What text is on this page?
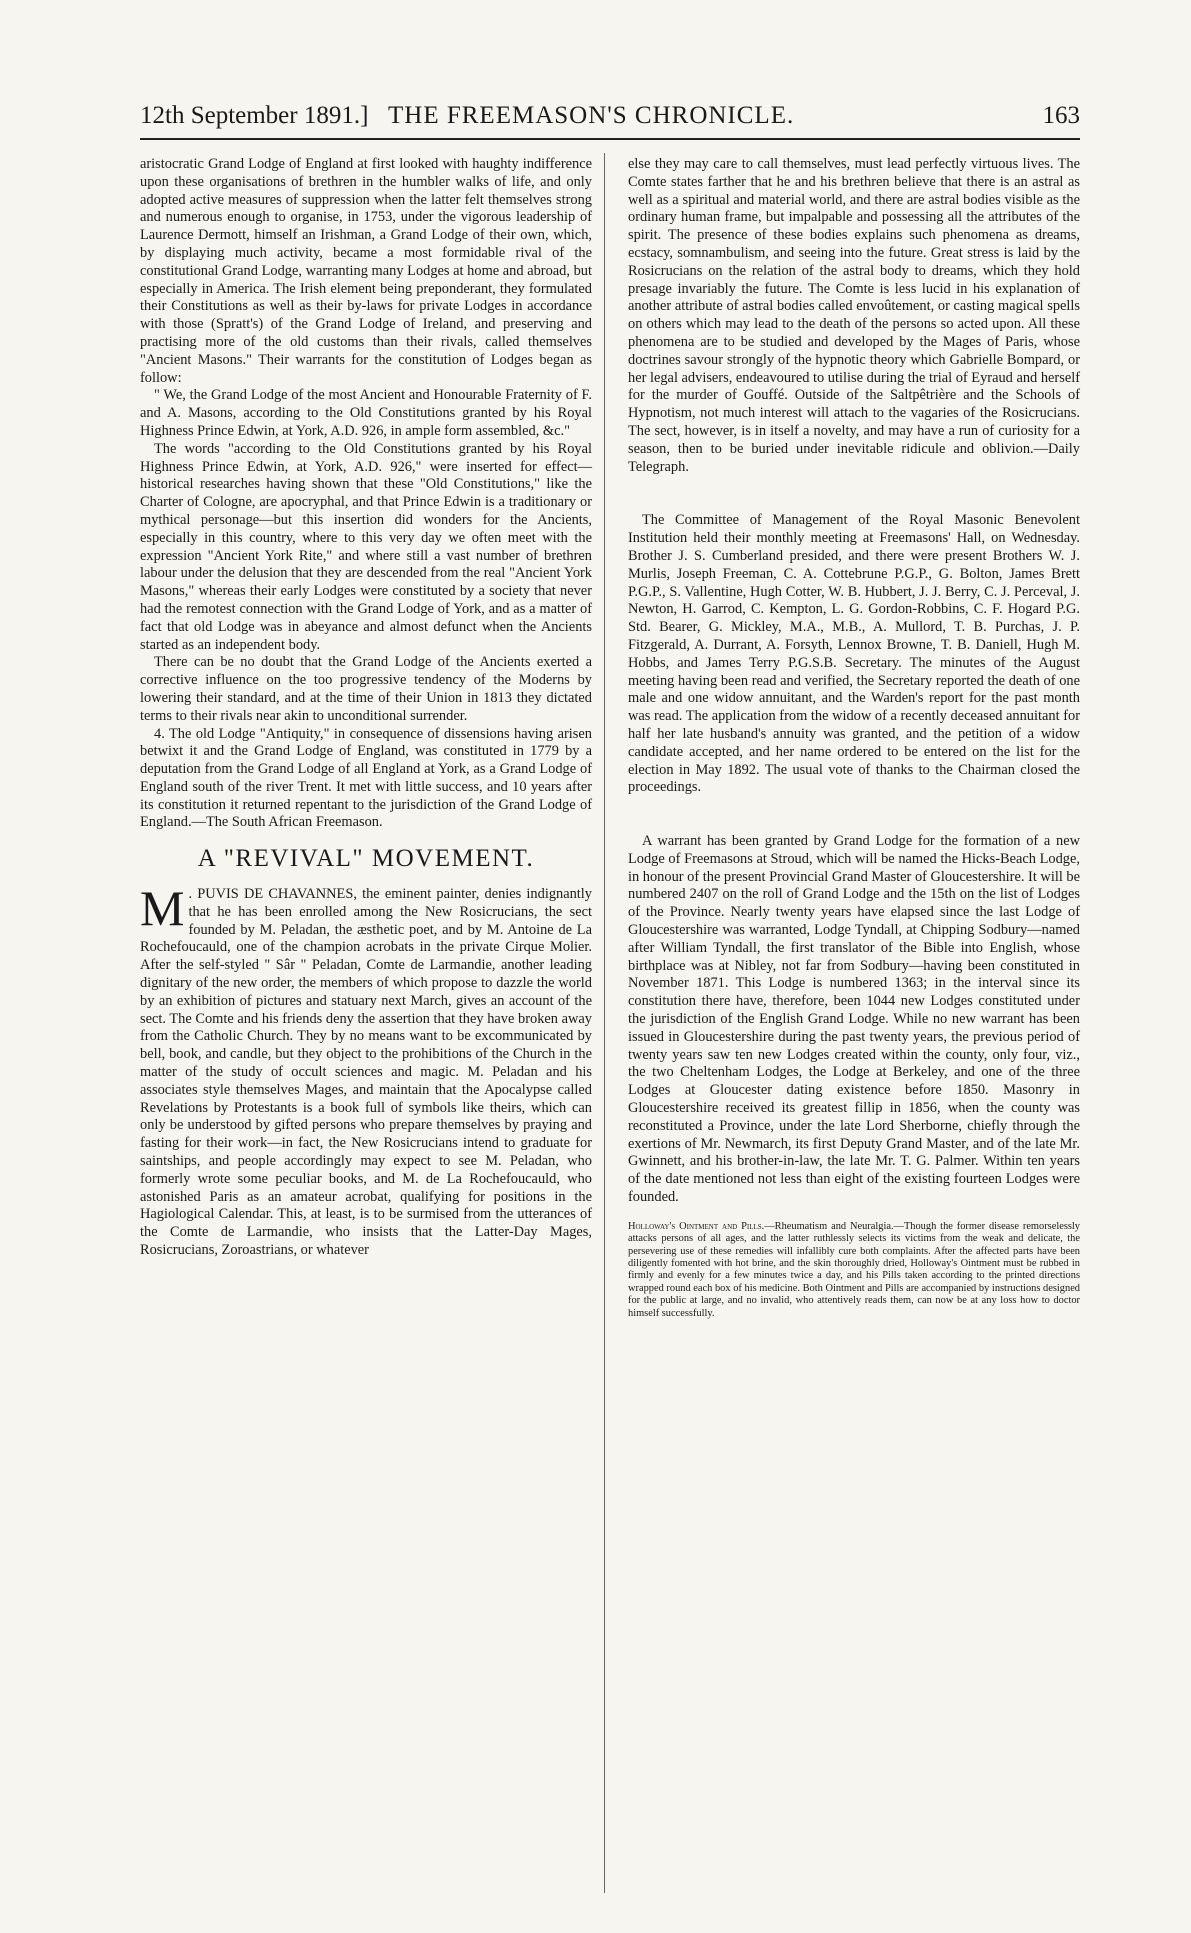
12th September 1891.] THE FREEMASON'S CHRONICLE.	163

aristocratic Grand Lodge of England at first looked with haughty indifference upon these organisations of brethren in the humbler walks of life, and only adopted active measures of suppression when the latter felt themselves strong and numerous enough to organise, in 1753, under the vigorous leadership of Laurence Dermott, himself an Irishman, a Grand Lodge of their own, which, by displaying much activity, became a most formidable rival of the constitutional Grand Lodge, warranting many Lodges at home and abroad, but especially in America. The Irish element being preponderant, they formulated their Constitutions as well as their by-laws for private Lodges in accordance with those (Spratt's) of the Grand Lodge of Ireland, and preserving and practising more of the old customs than their rivals, called themselves "Ancient Masons." Their warrants for the constitution of Lodges began as follow:

" We, the Grand Lodge of the most Ancient and Honourable Fraternity of F. and A. Masons, according to the Old Constitutions granted by his Royal Highness Prince Edwin, at York, A.D. 926, in ample form assembled, &c."

The words "according to the Old Constitutions granted by his Royal Highness Prince Edwin, at York, A.D. 926," were inserted for effect—historical researches having shown that these "Old Constitutions," like the Charter of Cologne, are apocryphal, and that Prince Edwin is a traditionary or mythical personage—but this insertion did wonders for the Ancients, especially in this country, where to this very day we often meet with the expression "Ancient York Rite," and where still a vast number of brethren labour under the delusion that they are descended from the real "Ancient York Masons," whereas their early Lodges were constituted by a society that never had the remotest connection with the Grand Lodge of York, and as a matter of fact that old Lodge was in abeyance and almost defunct when the Ancients started as an independent body.

There can be no doubt that the Grand Lodge of the Ancients exerted a corrective influence on the too progressive tendency of the Moderns by lowering their standard, and at the time of their Union in 1813 they dictated terms to their rivals near akin to unconditional surrender.

4. The old Lodge "Antiquity," in consequence of dissensions having arisen betwixt it and the Grand Lodge of England, was constituted in 1779 by a deputation from the Grand Lodge of all England at York, as a Grand Lodge of England south of the river Trent. It met with little success, and 10 years after its constitution it returned repentant to the jurisdiction of the Grand Lodge of England.—The South African Freemason.

A "REVIVAL" MOVEMENT.

M . PUVIS DE CHAVANNES, the eminent painter, denies indignantly that he has been enrolled among the New Rosicrucians, the sect founded by M. Peladan, the æsthetic poet, and by M. Antoine de La Rochefoucauld, one of the champion acrobats in the private Cirque Molier. After the self-styled " Sâr " Peladan, Comte de Larmandie, another leading dignitary of the new order, the members of which propose to dazzle the world by an exhibition of pictures and statuary next March, gives an account of the sect. The Comte and his friends deny the assertion that they have broken away from the Catholic Church. They by no means want to be excommunicated by bell, book, and candle, but they object to the prohibitions of the Church in the matter of the study of occult sciences and magic. M. Peladan and his associates style themselves Mages, and maintain that the Apocalypse called Revelations by Protestants is a book full of symbols like theirs, which can only be understood by gifted persons who prepare themselves by praying and fasting for their work—in fact, the New Rosicrucians intend to graduate for saintships, and people accordingly may expect to see M. Peladan, who formerly wrote some peculiar books, and M. de La Rochefoucauld, who astonished Paris as an amateur acrobat, qualifying for positions in the Hagiological Calendar. This, at least, is to be surmised from the utterances of the Comte de Larmandie, who insists that the Latter-Day Mages, Rosicrucians, Zoroastrians, or whatever

else they may care to call themselves, must lead perfectly virtuous lives. The Comte states farther that he and his brethren believe that there is an astral as well as a spiritual and material world, and there are astral bodies visible as the ordinary human frame, but impalpable and possessing all the attributes of the spirit. The presence of these bodies explains such phenomena as dreams, ecstacy, somnambulism, and seeing into the future. Great stress is laid by the Rosicrucians on the relation of the astral body to dreams, which they hold presage invariably the future. The Comte is less lucid in his explanation of another attribute of astral bodies called envoûtement, or casting magical spells on others which may lead to the death of the persons so acted upon. All these phenomena are to be studied and developed by the Mages of Paris, whose doctrines savour strongly of the hypnotic theory which Gabrielle Bompard, or her legal advisers, endeavoured to utilise during the trial of Eyraud and herself for the murder of Gouffé. Outside of the Saltpêtrière and the Schools of Hypnotism, not much interest will attach to the vagaries of the Rosicrucians. The sect, however, is in itself a novelty, and may have a run of curiosity for a season, then to be buried under inevitable ridicule and oblivion.—Daily Telegraph.

The Committee of Management of the Royal Masonic Benevolent Institution held their monthly meeting at Freemasons' Hall, on Wednesday. Brother J. S. Cumberland presided, and there were present Brothers W. J. Murlis, Joseph Freeman, C. A. Cottebrune P.G.P., G. Bolton, James Brett P.G.P., S. Vallentine, Hugh Cotter, W. B. Hubbert, J. J. Berry, C. J. Perceval, J. Newton, H. Garrod, C. Kempton, L. G. Gordon-Robbins, C. F. Hogard P.G. Std. Bearer, G. Mickley, M.A., M.B., A. Mullord, T. B. Purchas, J. P. Fitzgerald, A. Durrant, A. Forsyth, Lennox Browne, T. B. Daniell, Hugh M. Hobbs, and James Terry P.G.S.B. Secretary. The minutes of the August meeting having been read and verified, the Secretary reported the death of one male and one widow annuitant, and the Warden's report for the past month was read. The application from the widow of a recently deceased annuitant for half her late husband's annuity was granted, and the petition of a widow candidate accepted, and her name ordered to be entered on the list for the election in May 1892. The usual vote of thanks to the Chairman closed the proceedings.

A warrant has been granted by Grand Lodge for the formation of a new Lodge of Freemasons at Stroud, which will be named the Hicks-Beach Lodge, in honour of the present Provincial Grand Master of Gloucestershire. It will be numbered 2407 on the roll of Grand Lodge and the 15th on the list of Lodges of the Province. Nearly twenty years have elapsed since the last Lodge of Gloucestershire was warranted, Lodge Tyndall, at Chipping Sodbury—named after William Tyndall, the first translator of the Bible into English, whose birthplace was at Nibley, not far from Sodbury—having been constituted in November 1871. This Lodge is numbered 1363; in the interval since its constitution there have, therefore, been 1044 new Lodges constituted under the jurisdiction of the English Grand Lodge. While no new warrant has been issued in Gloucestershire during the past twenty years, the previous period of twenty years saw ten new Lodges created within the county, only four, viz., the two Cheltenham Lodges, the Lodge at Berkeley, and one of the three Lodges at Gloucester dating existence before 1850. Masonry in Gloucestershire received its greatest fillip in 1856, when the county was reconstituted a Province, under the late Lord Sherborne, chiefly through the exertions of Mr. Newmarch, its first Deputy Grand Master, and of the late Mr. Gwinnett, and his brother-in-law, the late Mr. T. G. Palmer. Within ten years of the date mentioned not less than eight of the existing fourteen Lodges were founded.

Holloway's Ointment and Pills.—Rheumatism and Neuralgia.—Though the former disease remorselessly attacks persons of all ages, and the latter ruthlessly selects its victims from the weak and delicate, the persevering use of these remedies will infallibly cure both complaints. After the affected parts have been diligently fomented with hot brine, and the skin thoroughly dried, Holloway's Ointment must be rubbed in firmly and evenly for a few minutes twice a day, and his Pills taken according to the printed directions wrapped round each box of his medicine. Both Ointment and Pills are accompanied by instructions designed for the public at large, and no invalid, who attentively reads them, can now be at any loss how to doctor himself successfully.
